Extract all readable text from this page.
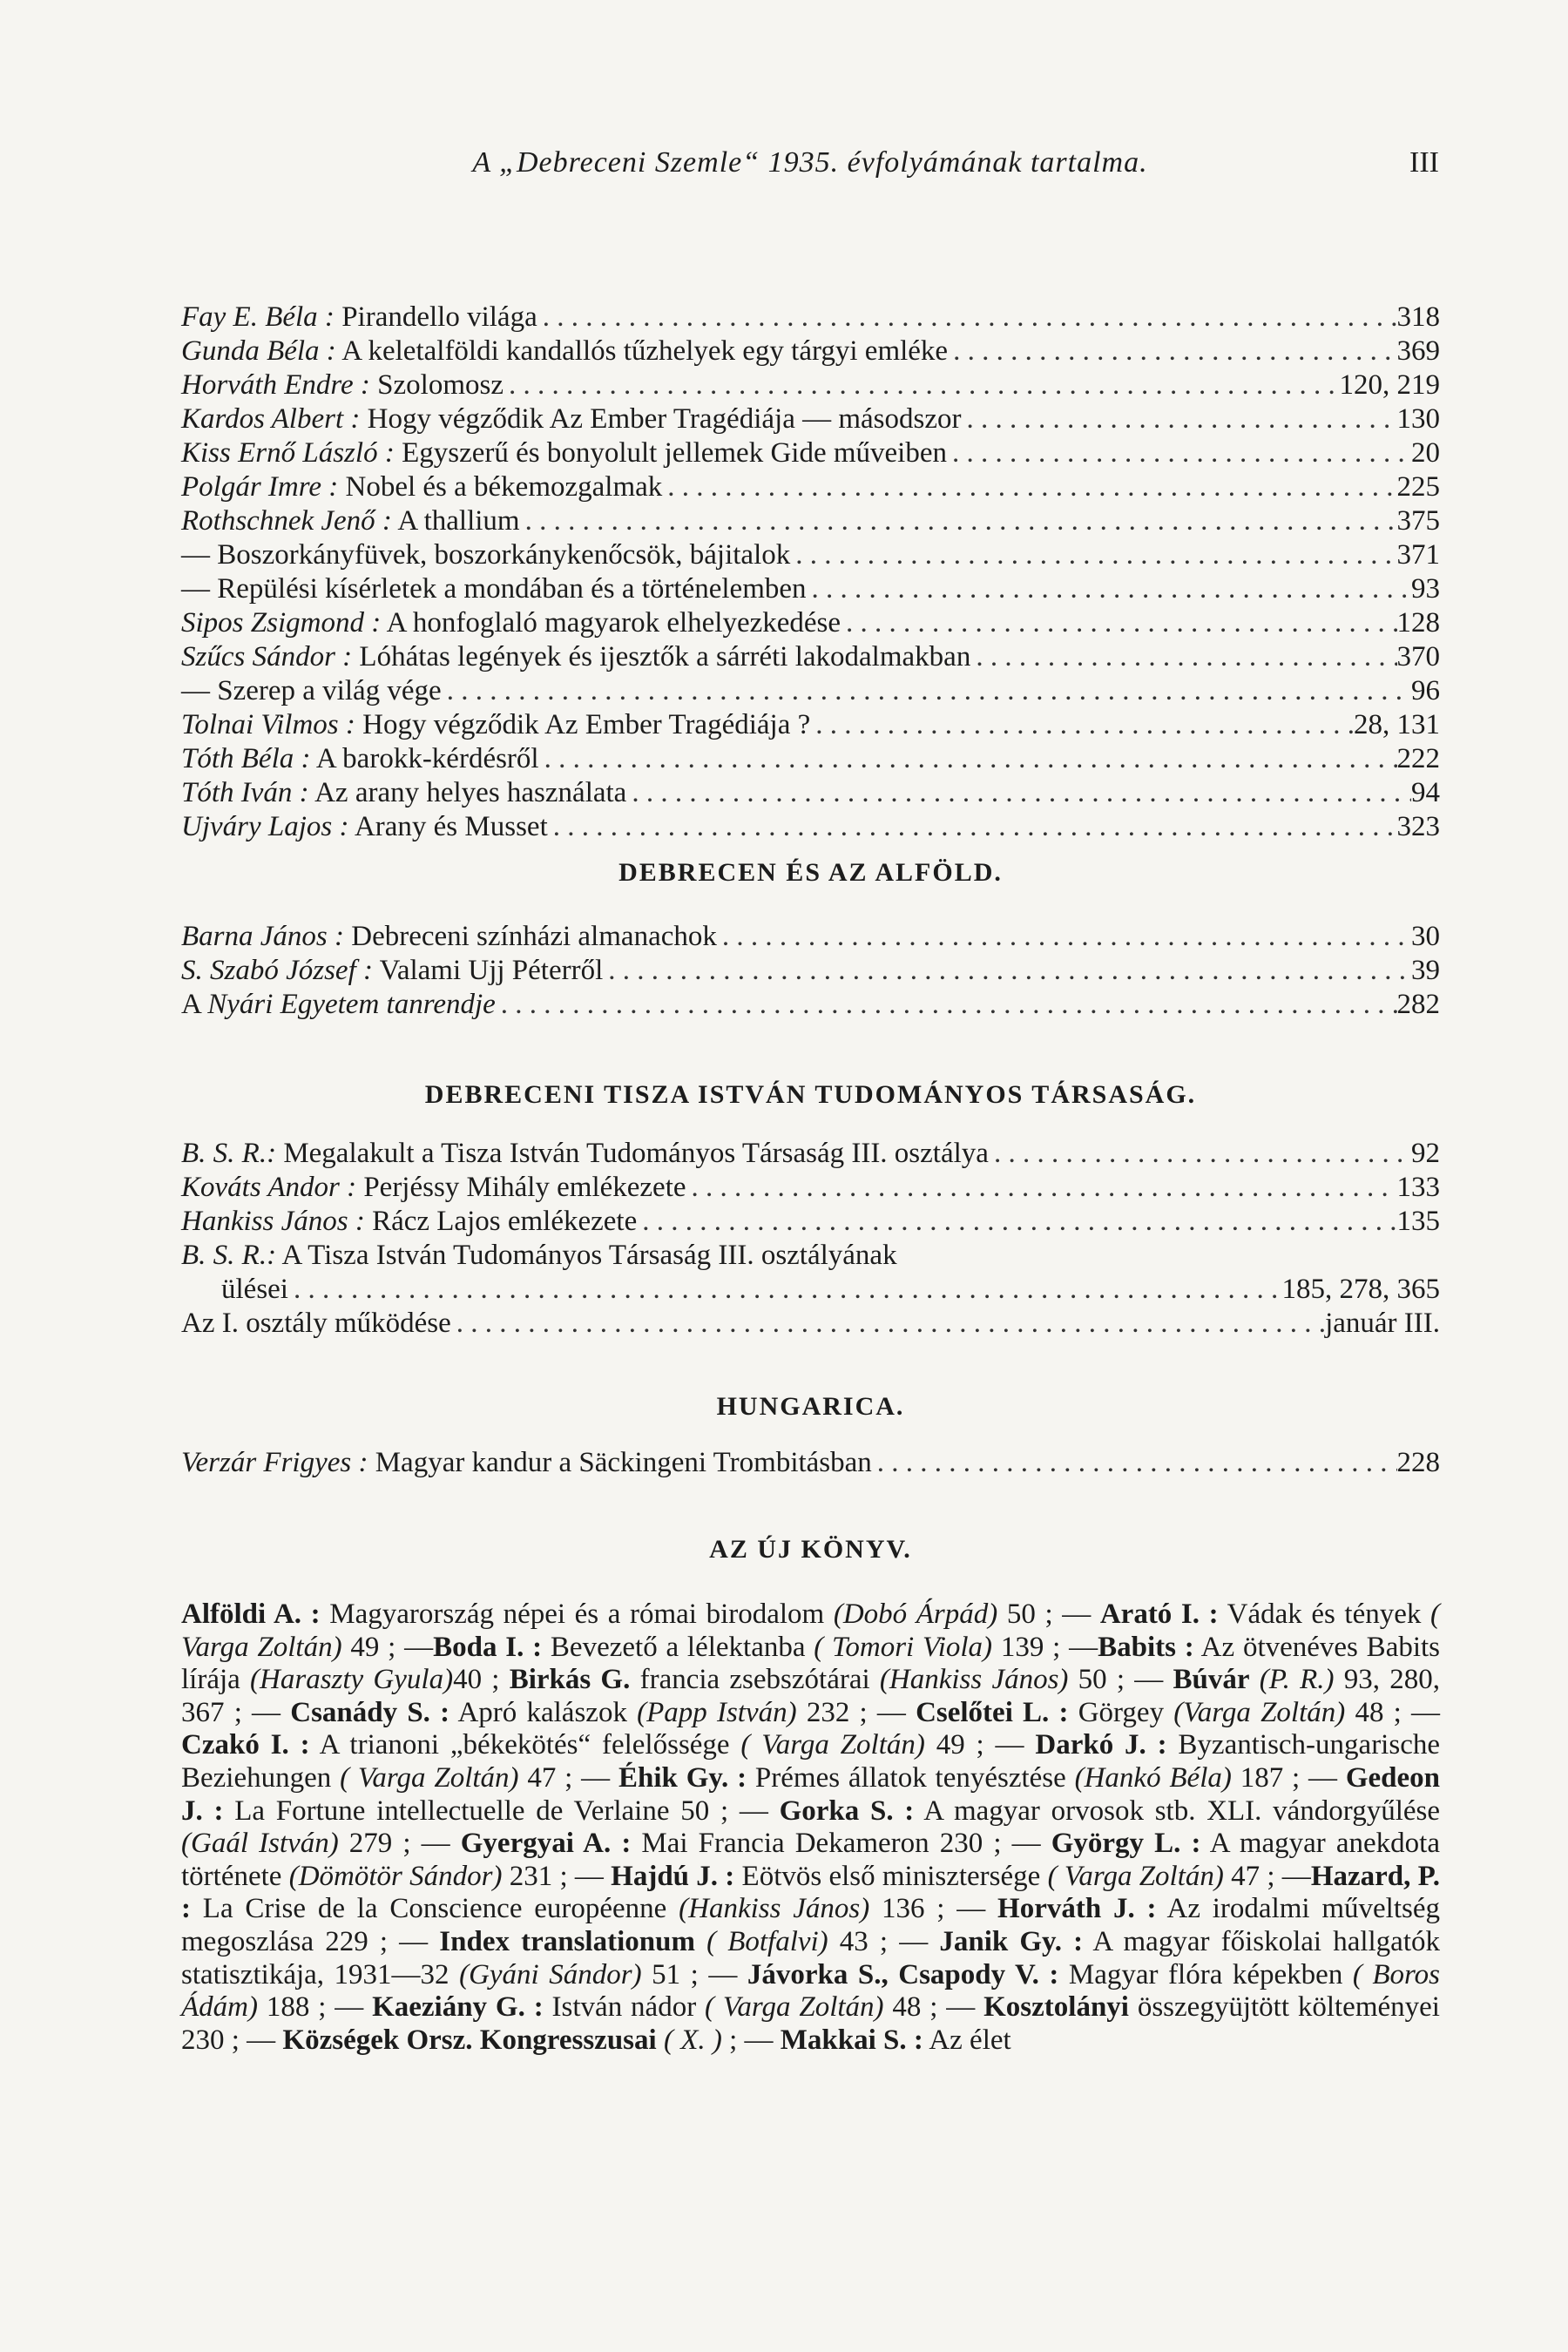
A „Debreceni Szemle“ 1935. évfolyámának tartalma.	III
Fay E. Béla : Pirandello világa . . .	318
Gunda Béla : A keletalföldi kandallós tűzhelyek egy tárgyi emléke . . .	369
Horváth Endre : Szolomosz . . .	120, 219
Kardos Albert : Hogy végződik Az Ember Tragédiája — másodszor . . .	130
Kiss Ernő László : Egyszerű és bonyolult jellemek Gide műveiben . . .	20
Polgár Imre : Nobel és a békemozgalmak . . .	225
Rothschnek Jenő : A thallium . . .	375
— Boszorkányfüvek, boszorkánykenőcsök, bájitalok . . .	371
— Repülési kísérletek a mondában és a történelemben . . .	93
Sipos Zsigmond : A honfoglaló magyarok elhelyezkedése . . .	128
Szűcs Sándor : Lóhátas legények és ijesztők a sárréti lakodalmakban . . .	370
— Szerep a világ vége . . .	96
Tolnai Vilmos : Hogy végződik Az Ember Tragédiája ? . . .	28, 131
Tóth Béla : A barokk-kérdésről . . .	222
Tóth Iván : Az arany helyes használata . . .	94
Ujváry Lajos : Arany és Musset . . .	323
DEBRECEN ÉS AZ ALFÖLD.
Barna János : Debreceni színházi almanachok . . .	30
S. Szabó József : Valami Ujj Péterről . . .	39
A Nyári Egyetem tanrendje . . .	282
DEBRECENI TISZA ISTVÁN TUDOMÁNYOS TÁRSASÁG.
B. S. R.: Megalakult a Tisza István Tudományos Társaság III. osztálya . . .	92
Kováts Andor : Perjéssy Mihály emlékezete . . .	133
Hankiss János : Rácz Lajos emlékezete . . .	135
B. S. R.: A Tisza István Tudományos Társaság III. osztályának
ülései . . .	185, 278, 365
Az I. osztály működése . . .	január III.
HUNGARICA.
Verzár Frigyes : Magyar kandur a Säckingeni Trombitásban . . .	228
AZ ÚJ KÖNYV.
Alföldi A. : Magyarország népei és a római birodalom (Dobó Árpád) 50 ; — Arató I. : Vádak és tények ( Varga Zoltán) 49 ; —Boda I. : Bevezető a lélektanba ( Tomori Viola) 139 ; —Babits : Az ötvenéves Babits lírája (Haraszty Gyula)40 ; Birkás G. francia zsebszótárai (Hankiss János) 50 ; — Búvár (P. R.) 93, 280, 367 ; — Csanády S. : Apró kalászok (Papp István) 232 ; — Cselőtei L. : Görgey (Varga Zoltán) 48 ; — Czakó I. : A trianoni „békekötés“ felelőssége ( Varga Zoltán) 49 ; — Darkó J. : Byzantisch-ungarische Beziehungen ( Varga Zoltán) 47 ; — Éhik Gy. : Prémes állatok tenyésztése (Hankó Béla) 187 ; — Gedeon J. : La Fortune intellectuelle de Verlaine 50 ; — Gorka S. : A magyar orvosok stb. XLI. vándorgyűlése (Gaál István) 279 ; — Gyergyai A. : Mai Francia Dekameron 230 ; — György L. : A magyar anekdota története (Dömötör Sándor) 231 ; — Hajdú J. : Eötvös első minisztersége ( Varga Zoltán) 47 ; —Hazard, P. : La Crise de la Conscience européenne (Hankiss János) 136 ; — Horváth J. : Az irodalmi műveltség megoszlása 229 ; — Index translationum ( Botfalvi) 43 ; — Janik Gy. : A magyar főiskolai hallgatók statisztikája, 1931—32 (Gyáni Sándor) 51 ; — Jávorka S., Csapody V. : Magyar flóra képekben ( Boros Ádám) 188 ; — Kaeziány G. : István nádor ( Varga Zoltán) 48 ; — Kosztolányi összegyüjtött költeményei 230 ; — Községek Orsz. Kongresszusai ( X. ) ; — Makkai S. : Az élet
